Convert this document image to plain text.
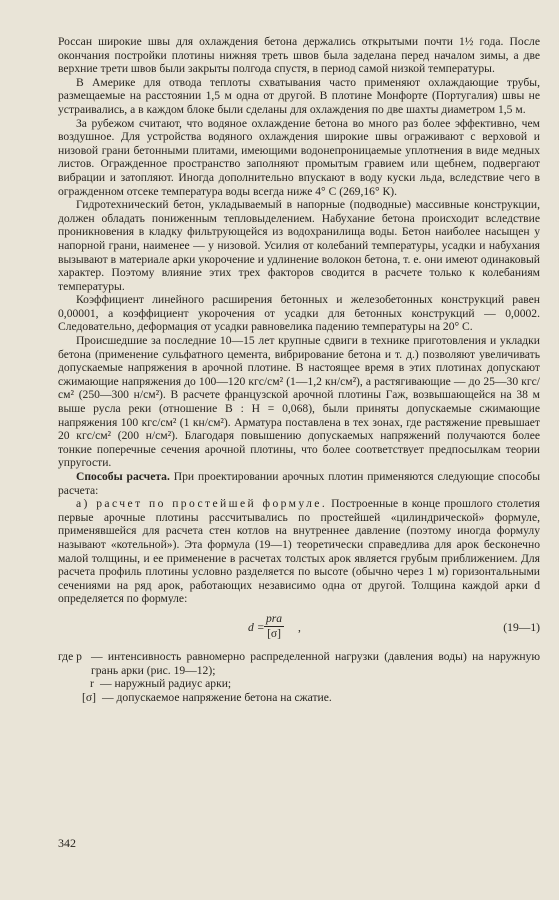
Россан широкие швы для охлаждения бетона держались открытыми почти 1½ года. После окончания постройки плотины нижняя треть швов была заделана перед началом зимы, а две верхние трети швов были закрыты полгода спустя, в период самой низкой температуры.

В Америке для отвода теплоты схватывания часто применяют охлаждающие трубы, размещаемые на расстоянии 1,5 м одна от другой. В плотине Монфорте (Португалия) швы не устраивались, а в каждом блоке были сделаны для охлаждения по две шахты диаметром 1,5 м.

За рубежом считают, что водяное охлаждение бетона во много раз более эффективно, чем воздушное. Для устройства водяного охлаждения широкие швы ограживают с верховой и низовой грани бетонными плитами, имеющими водонепроницаемые уплотнения в виде медных листов. Огражденное пространство заполняют промытым гравием или щебнем, подвергают вибрации и затопляют. Иногда дополнительно впускают в воду куски льда, вследствие чего в огражденном отсеке температура воды всегда ниже 4° С (269,16° К).

Гидротехнический бетон, укладываемый в напорные (подводные) массивные конструкции, должен обладать пониженным тепловыделением. Набухание бетона происходит вследствие проникновения в кладку фильтрующейся из водохранилища воды. Бетон наиболее насыщен у напорной грани, наименее — у низовой. Усилия от колебаний температуры, усадки и набухания вызывают в материале арки укорочение и удлинение волокон бетона, т. е. они имеют одинаковый характер. Поэтому влияние этих трех факторов сводится в расчете только к колебаниям температуры.

Коэффициент линейного расширения бетонных и железобетонных конструкций равен 0,00001, а коэффициент укорочения от усадки для бетонных конструкций — 0,0002. Следовательно, деформация от усадки равновелика падению температуры на 20° С.

Происшедшие за последние 10—15 лет крупные сдвиги в технике приготовления и укладки бетона (применение сульфатного цемента, вибрирование бетона и т. д.) позволяют увеличивать допускаемые напряжения в арочной плотине. В настоящее время в этих плотинах допускают сжимающие напряжения до 100—120 кгс/см² (1—1,2 кн/см²), а растягивающие — до 25—30 кгс/см² (250—300 н/см²). В расчете французской арочной плотины Гаж, возвышающейся на 38 м выше русла реки (отношение B : H = 0,068), были приняты допускаемые сжимающие напряжения 100 кгс/см² (1 кн/см²). Арматура поставлена в тех зонах, где растяжение превышает 20 кгс/см² (200 н/см²). Благодаря повышению допускаемых напряжений получаются более тонкие поперечные сечения арочной плотины, что более соответствует предпосылкам теории упругости.

Способы расчета. При проектировании арочных плотин применяются следующие способы расчета:

а) расчет по простейшей формуле. Построенные в конце прошлого столетия первые арочные плотины рассчитывались по простейшей «цилиндрической» формуле, применявшейся для расчета стен котлов на внутреннее давление (поэтому иногда формулу называют «котельной»). Эта формула (19—1) теоретически справедлива для арок бесконечно малой толщины, и ее применение в расчетах толстых арок является грубым приближением. Для расчета профиль плотины условно разделяется по высоте (обычно через 1 м) горизонтальными сечениями на ряд арок, работающих независимо одна от другой. Толщина каждой арки d определяется по формуле:

d =
pra
[σ] ,	(19—1)
где p — интенсивность равномерно распределенной нагрузки (давления воды) на наружную грань арки (рис. 19—12);
r — наружный радиус арки;
[σ] — допускаемое напряжение бетона на сжатие.
342
